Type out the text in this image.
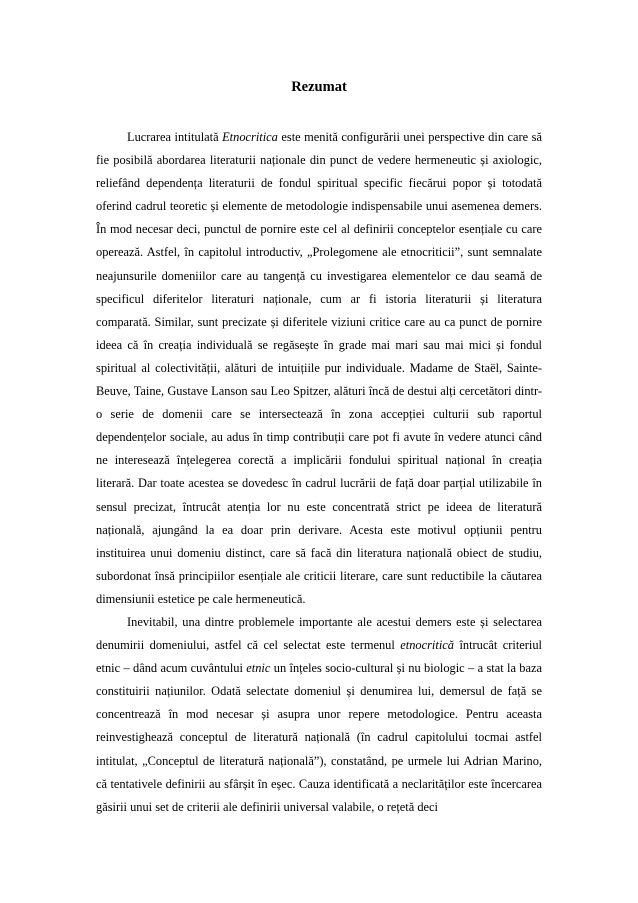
Rezumat

Lucrarea intitulată Etnocritica este menită configurării unei perspective din care să fie posibilă abordarea literaturii naționale din punct de vedere hermeneutic și axiologic, reliefând dependența literaturii de fondul spiritual specific fiecărui popor și totodată oferind cadrul teoretic și elemente de metodologie indispensabile unui asemenea demers. În mod necesar deci, punctul de pornire este cel al definirii conceptelor esențiale cu care operează. Astfel, în capitolul introductiv, „Prolegomene ale etnocriticii”, sunt semnalate neajunsurile domeniilor care au tangență cu investigarea elementelor ce dau seamă de specificul diferitelor literaturi naționale, cum ar fi istoria literaturii și literatura comparată. Similar, sunt precizate și diferitele viziuni critice care au ca punct de pornire ideea că în creația individuală se regăsește în grade mai mari sau mai mici și fondul spiritual al colectivității, alături de intuițiile pur individuale. Madame de Staël, Sainte-Beuve, Taine, Gustave Lanson sau Leo Spitzer, alături încă de destui alți cercetători dintr-o serie de domenii care se intersectează în zona accepției culturii sub raportul dependențelor sociale, au adus în timp contribuții care pot fi avute în vedere atunci când ne interesează înțelegerea corectă a implicării fondului spiritual național în creația literară. Dar toate acestea se dovedesc în cadrul lucrării de față doar parțial utilizabile în sensul precizat, întrucât atenția lor nu este concentrată strict pe ideea de literatură națională, ajungând la ea doar prin derivare. Acesta este motivul opțiunii pentru instituirea unui domeniu distinct, care să facă din literatura națională obiect de studiu, subordonat însă principiilor esențiale ale criticii literare, care sunt reductibile la căutarea dimensiunii estetice pe cale hermeneutică.

Inevitabil, una dintre problemele importante ale acestui demers este și selectarea denumirii domeniului, astfel că cel selectat este termenul etnocritică întrucât criteriul etnic – dând acum cuvântului etnic un înțeles socio-cultural și nu biologic – a stat la baza constituirii națiunilor. Odată selectate domeniul și denumirea lui, demersul de față se concentrează în mod necesar și asupra unor repere metodologice. Pentru aceasta reinvestighează conceptul de literatură națională (în cadrul capitolului tocmai astfel intitulat, „Conceptul de literatură națională”), constatând, pe urmele lui Adrian Marino, că tentativele definirii au sfârșit în eșec. Cauza identificată a neclarităților este încercarea găsirii unui set de criterii ale definirii universal valabile, o rețetă deci
